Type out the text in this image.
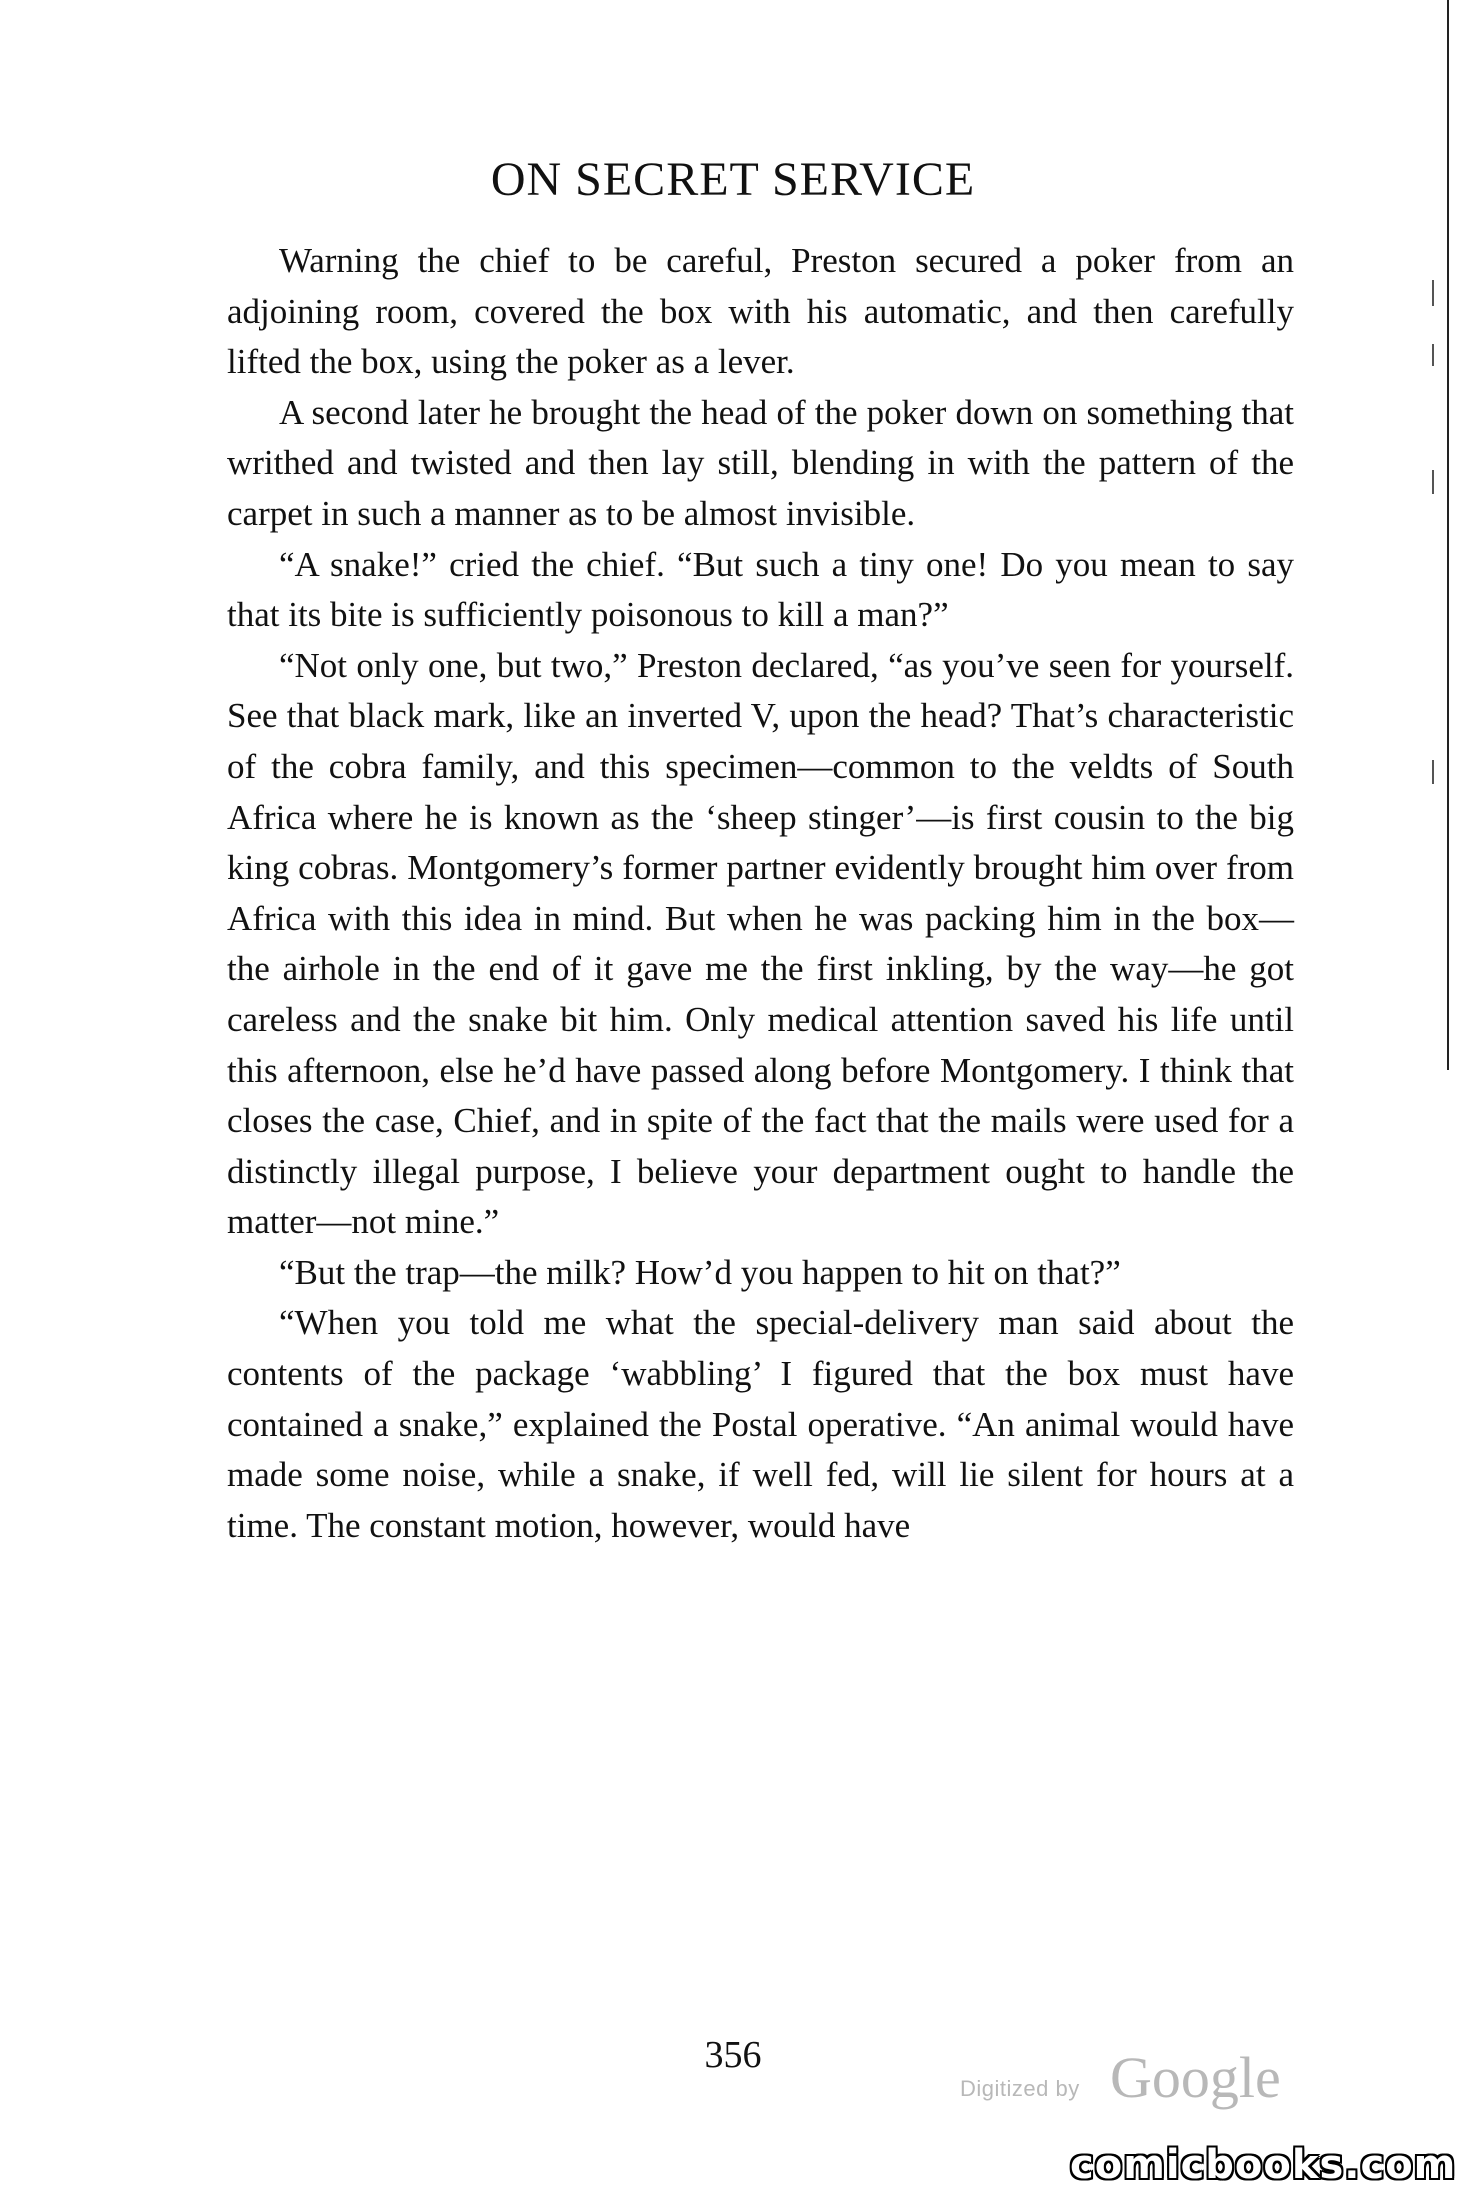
ON SECRET SERVICE

Warning the chief to be careful, Preston secured a poker from an adjoining room, covered the box with his automatic, and then carefully lifted the box, using the poker as a lever.

A second later he brought the head of the poker down on something that writhed and twisted and then lay still, blending in with the pattern of the carpet in such a manner as to be almost invisible.

“A snake!” cried the chief. “But such a tiny one! Do you mean to say that its bite is sufficiently poisonous to kill a man?”

“Not only one, but two,” Preston declared, “as you’ve seen for yourself. See that black mark, like an inverted V, upon the head? That’s characteristic of the cobra family, and this specimen—common to the veldts of South Africa where he is known as the ‘sheep stinger’—is first cousin to the big king cobras. Montgomery’s former partner evidently brought him over from Africa with this idea in mind. But when he was packing him in the box—the airhole in the end of it gave me the first inkling, by the way—he got careless and the snake bit him. Only medical attention saved his life until this afternoon, else he’d have passed along before Montgomery. I think that closes the case, Chief, and in spite of the fact that the mails were used for a distinctly illegal purpose, I believe your department ought to handle the matter—not mine.”

“But the trap—the milk? How’d you happen to hit on that?”

“When you told me what the special-delivery man said about the contents of the package ‘wabbling’ I figured that the box must have contained a snake,” explained the Postal operative. “An animal would have made some noise, while a snake, if well fed, will lie silent for hours at a time. The constant motion, however, would have

356

Digitized by Google
comicbooks.com
